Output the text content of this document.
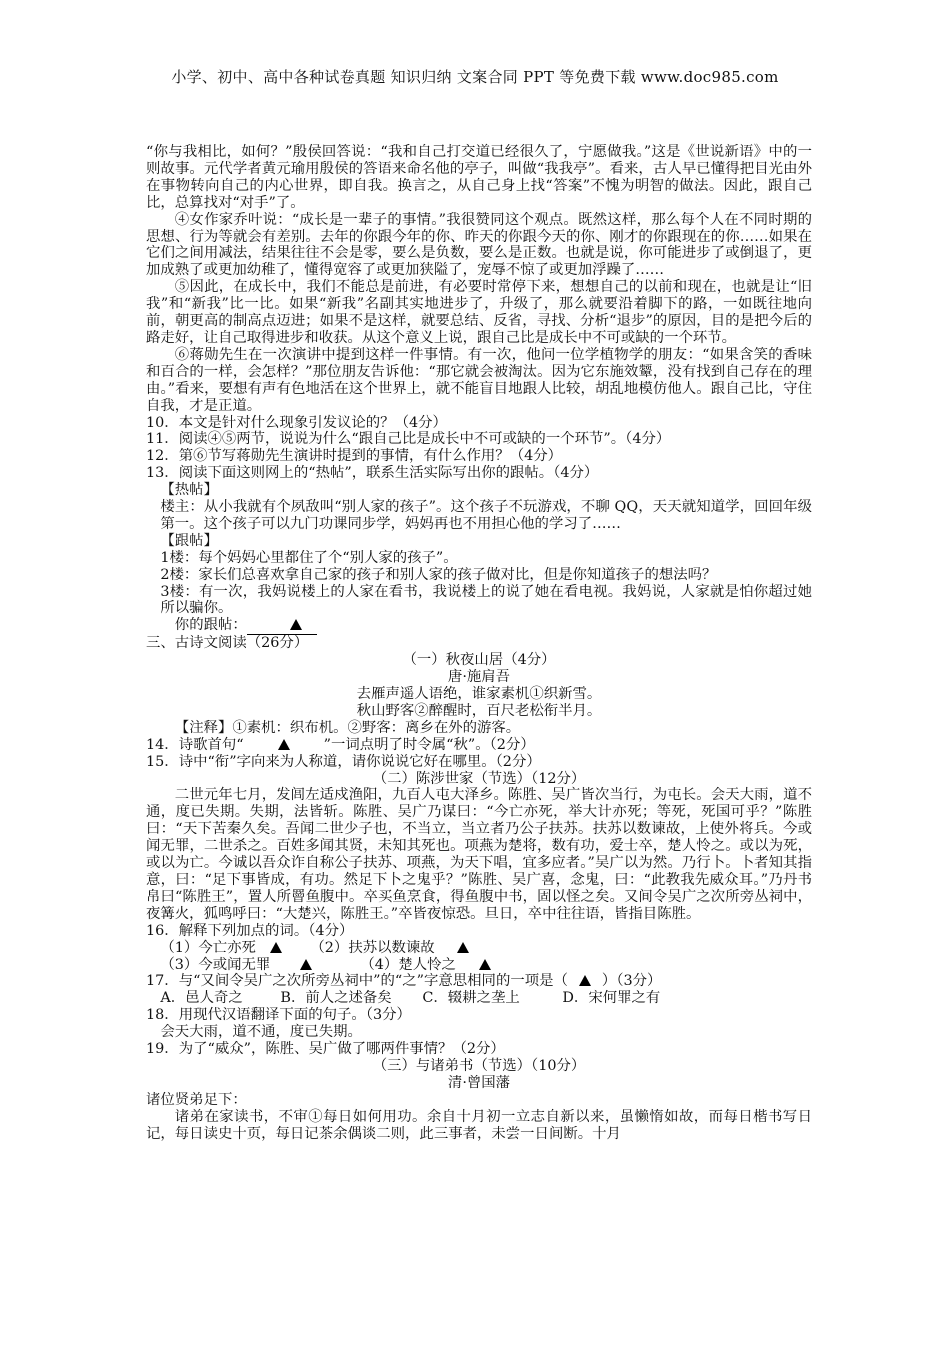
小学、初中、高中各种试卷真题 知识归纳 文案合同 PPT 等免费下载 www.doc985.com

“你与我相比，如何？”殷侯回答说：“我和自己打交道已经很久了，宁愿做我。”这是《世说新语》中的一则故事。元代学者黄元瑜用殷侯的答语来命名他的亭子，叫做“我我亭”。看来，古人早已懂得把目光由外在事物转向自己的内心世界，即自我。换言之，从自己身上找“答案”不愧为明智的做法。因此，跟自己比，总算找对“对手”了。

④女作家乔叶说：“成长是一辈子的事情。”我很赞同这个观点。既然这样，那么每个人在不同时期的思想、行为等就会有差别。去年的你跟今年的你、昨天的你跟今天的你、刚才的你跟现在的你……如果在它们之间用减法，结果往往不会是零，要么是负数，要么是正数。也就是说，你可能进步了或倒退了，更加成熟了或更加幼稚了，懂得宽容了或更加狭隘了，宠辱不惊了或更加浮躁了……

⑤因此，在成长中，我们不能总是前进，有必要时常停下来，想想自己的以前和现在，也就是让“旧我”和“新我”比一比。如果“新我”名副其实地进步了，升级了，那么就要沿着脚下的路，一如既往地向前，朝更高的制高点迈进；如果不是这样，就要总结、反省，寻找、分析“退步”的原因，目的是把今后的路走好，让自己取得进步和收获。从这个意义上说，跟自己比是成长中不可或缺的一个环节。

⑥蒋勋先生在一次演讲中提到这样一件事情。有一次，他问一位学植物学的朋友：“如果含笑的香味和百合的一样，会怎样？”那位朋友告诉他：“那它就会被淘汰。因为它东施效颦，没有找到自己存在的理由。”看来，要想有声有色地活在这个世界上，就不能盲目地跟人比较，胡乱地模仿他人。跟自己比，守住自我，才是正道。

10．本文是针对什么现象引发议论的？（4分）

11．阅读④⑤两节，说说为什么“跟自己比是成长中不可或缺的一个环节”。（4分）

12．第⑥节写蒋勋先生演讲时提到的事情，有什么作用？（4分）

13．阅读下面这则网上的“热帖”，联系生活实际写出你的跟帖。（4分）

【热帖】

楼主：从小我就有个夙敌叫“别人家的孩子”。这个孩子不玩游戏，不聊 QQ，天天就知道学，回回年级第一。这个孩子可以九门功课同步学，妈妈再也不用担心他的学习了……

【跟帖】

1楼：每个妈妈心里都住了个“别人家的孩子”。

2楼：家长们总喜欢拿自己家的孩子和别人家的孩子做对比，但是你知道孩子的想法吗？

3楼：有一次，我妈说楼上的人家在看书，我说楼上的说了她在看电视。我妈说，人家就是怕你超过她所以骗你。

你的跟帖：

三、古诗文阅读（26分）

（一）秋夜山居（4分）

唐·施肩吾

去雁声遥人语绝，谁家素机①织新雪。

秋山野客②醉醒时，百尺老松衔半月。

【注释】①素机：织布机。②野客：离乡在外的游客。

14．诗歌首句“	”一词点明了时令属“秋”。（2分）

15．诗中“衔”字向来为人称道，请你说说它好在哪里。（2分）

（二）陈涉世家（节选）（12分）

二世元年七月，发闾左适戍渔阳，九百人屯大泽乡。陈胜、吴广皆次当行，为屯长。会天大雨，道不通，度已失期。失期，法皆斩。陈胜、吴广乃谋曰：“今亡亦死，举大计亦死；等死，死国可乎？”陈胜曰：“天下苦秦久矣。吾闻二世少子也，不当立，当立者乃公子扶苏。扶苏以数谏故，上使外将兵。今或闻无罪，二世杀之。百姓多闻其贤，未知其死也。项燕为楚将，数有功，爱士卒，楚人怜之。或以为死，或以为亡。今诚以吾众诈自称公子扶苏、项燕，为天下唱，宜多应者。”吴广以为然。乃行卜。卜者知其指意，曰：“足下事皆成，有功。然足下卜之鬼乎？”陈胜、吴广喜，念鬼，曰：“此教我先威众耳。”乃丹书帛曰“陈胜王”，置人所罾鱼腹中。卒买鱼烹食，得鱼腹中书，固以怪之矣。又间令吴广之次所旁丛祠中，夜篝火，狐鸣呼曰：“大楚兴，陈胜王。”卒皆夜惊恐。旦日，卒中往往语，皆指目陈胜。

16．解释下列加点的词。（4分）

（1）今亡亦死	（2）扶苏以数谏故
（3）今或闻无罪	（4）楚人怜之

17．与“又间令吴广之次所旁丛祠中”的“之”字意思相同的一项是（ ）（3分）

A．邑人奇之	B．前人之述备矣	C．辍耕之垄上	D．宋何罪之有

18．用现代汉语翻译下面的句子。（3分）

会天大雨，道不通，度已失期。

19．为了“威众”，陈胜、吴广做了哪两件事情？（2分）

（三）与诸弟书（节选）（10分）

清·曾国藩

诸位贤弟足下：

诸弟在家读书，不审①每日如何用功。余自十月初一立志自新以来，虽懒惰如故，而每日楷书写日记，每日读史十页，每日记茶余偶谈二则，此三事者，未尝一日间断。十月
